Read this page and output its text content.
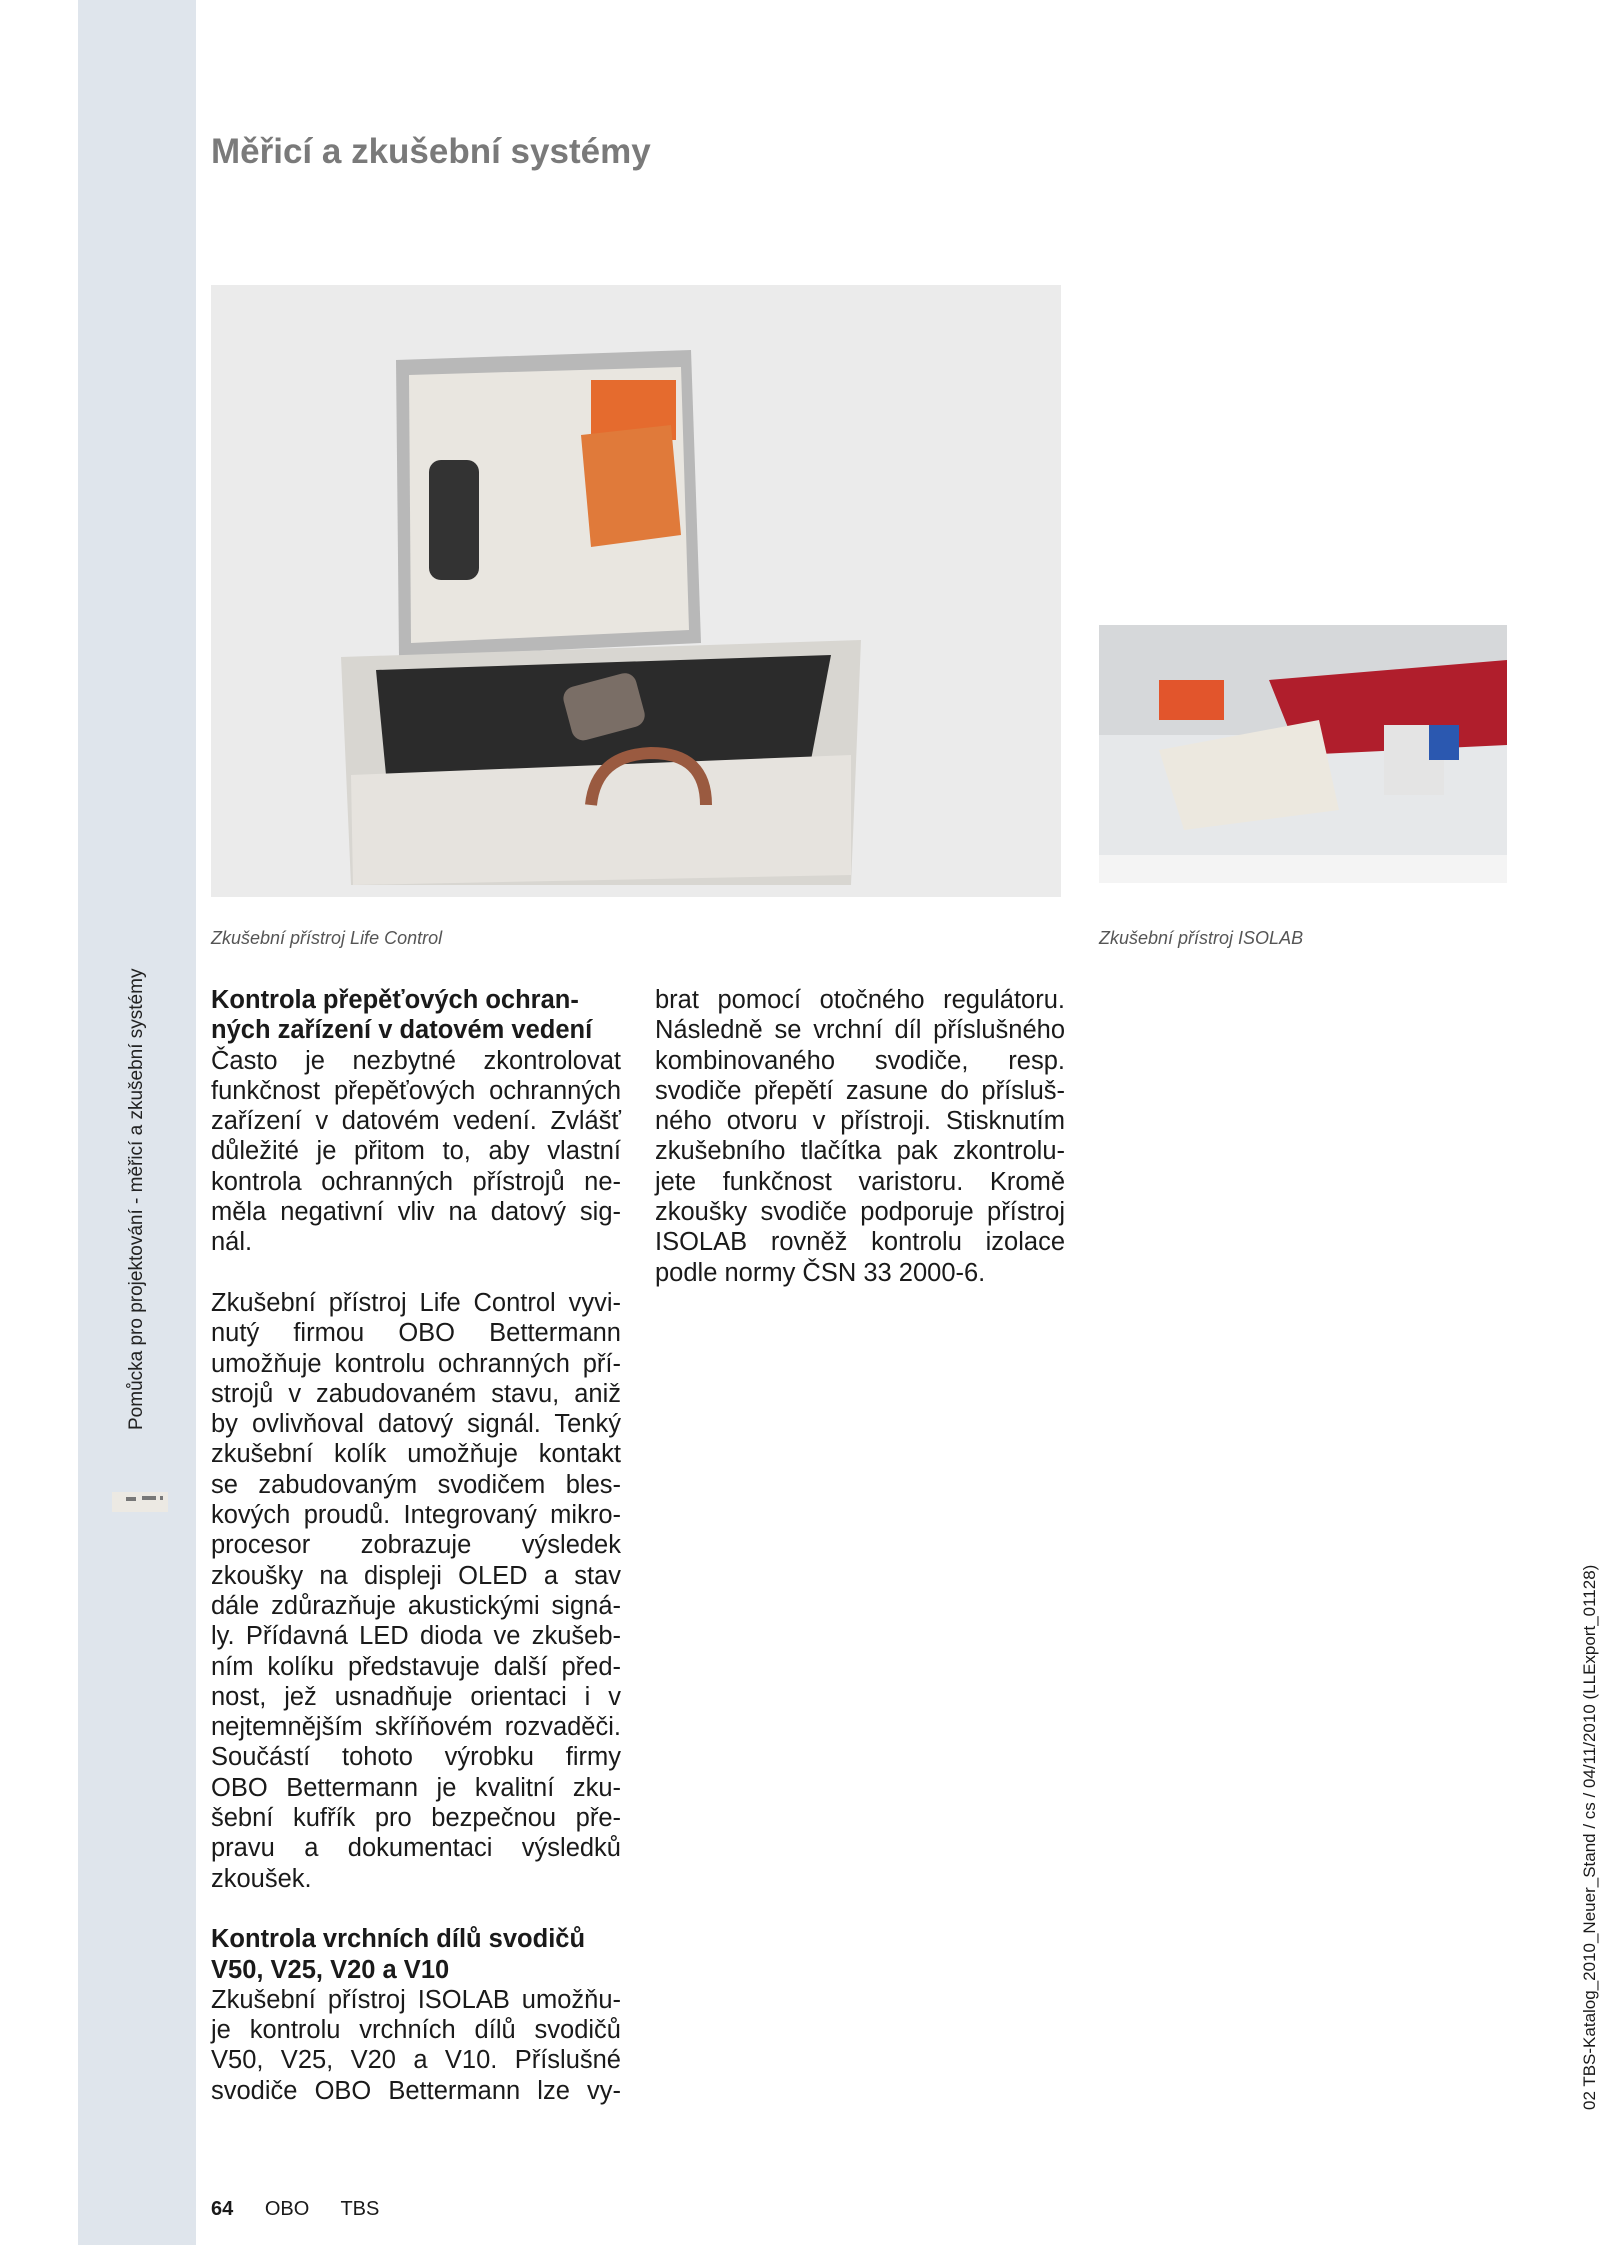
Pomůcka pro projektování - měřicí a zkušební systémy
Měřicí a zkušební systémy
Zkušební přístroj Life Control	Zkušební přístroj ISOLAB
Kontrola přepěťových ochran-
ných zařízení v datovém vedení
Často je nezbytné zkontrolovat
funkčnost přepěťových ochranných
zařízení v datovém vedení. Zvlášť
důležité je přitom to, aby vlastní
kontrola ochranných přístrojů ne-
měla negativní vliv na datový sig-
nál.
Zkušební přístroj Life Control vyvi-
nutý firmou OBO Bettermann
umožňuje kontrolu ochranných pří-
strojů v zabudovaném stavu, aniž
by ovlivňoval datový signál. Tenký
zkušební kolík umožňuje kontakt
se zabudovaným svodičem bles-
kových proudů. Integrovaný mikro-
procesor zobrazuje výsledek
zkoušky na displeji OLED a stav
dále zdůrazňuje akustickými signá-
ly. Přídavná LED dioda ve zkušeb-
ním kolíku představuje další před-
nost, jež usnadňuje orientaci i v
nejtemnějším skříňovém rozvaděči.
Součástí tohoto výrobku firmy
OBO Bettermann je kvalitní zku-
šební kufřík pro bezpečnou pře-
pravu a dokumentaci výsledků
zkoušek.
Kontrola vrchních dílů svodičů
V50, V25, V20 a V10
Zkušební přístroj ISOLAB umožňu-
je kontrolu vrchních dílů svodičů
V50, V25, V20 a V10. Příslušné
svodiče OBO Bettermann lze vy-
brat pomocí otočného regulátoru.
Následně se vrchní díl příslušného
kombinovaného svodiče, resp.
svodiče přepětí zasune do přísluš-
ného otvoru v přístroji. Stisknutím
zkušebního tlačítka pak zkontrolu-
jete funkčnost varistoru. Kromě
zkoušky svodiče podporuje přístroj
ISOLAB rovněž kontrolu izolace
podle normy ČSN 33 2000-6.
64 OBO TBS
02 TBS-Katalog_2010_Neuer_Stand / cs / 04/11/2010 (LLExport_01128)
